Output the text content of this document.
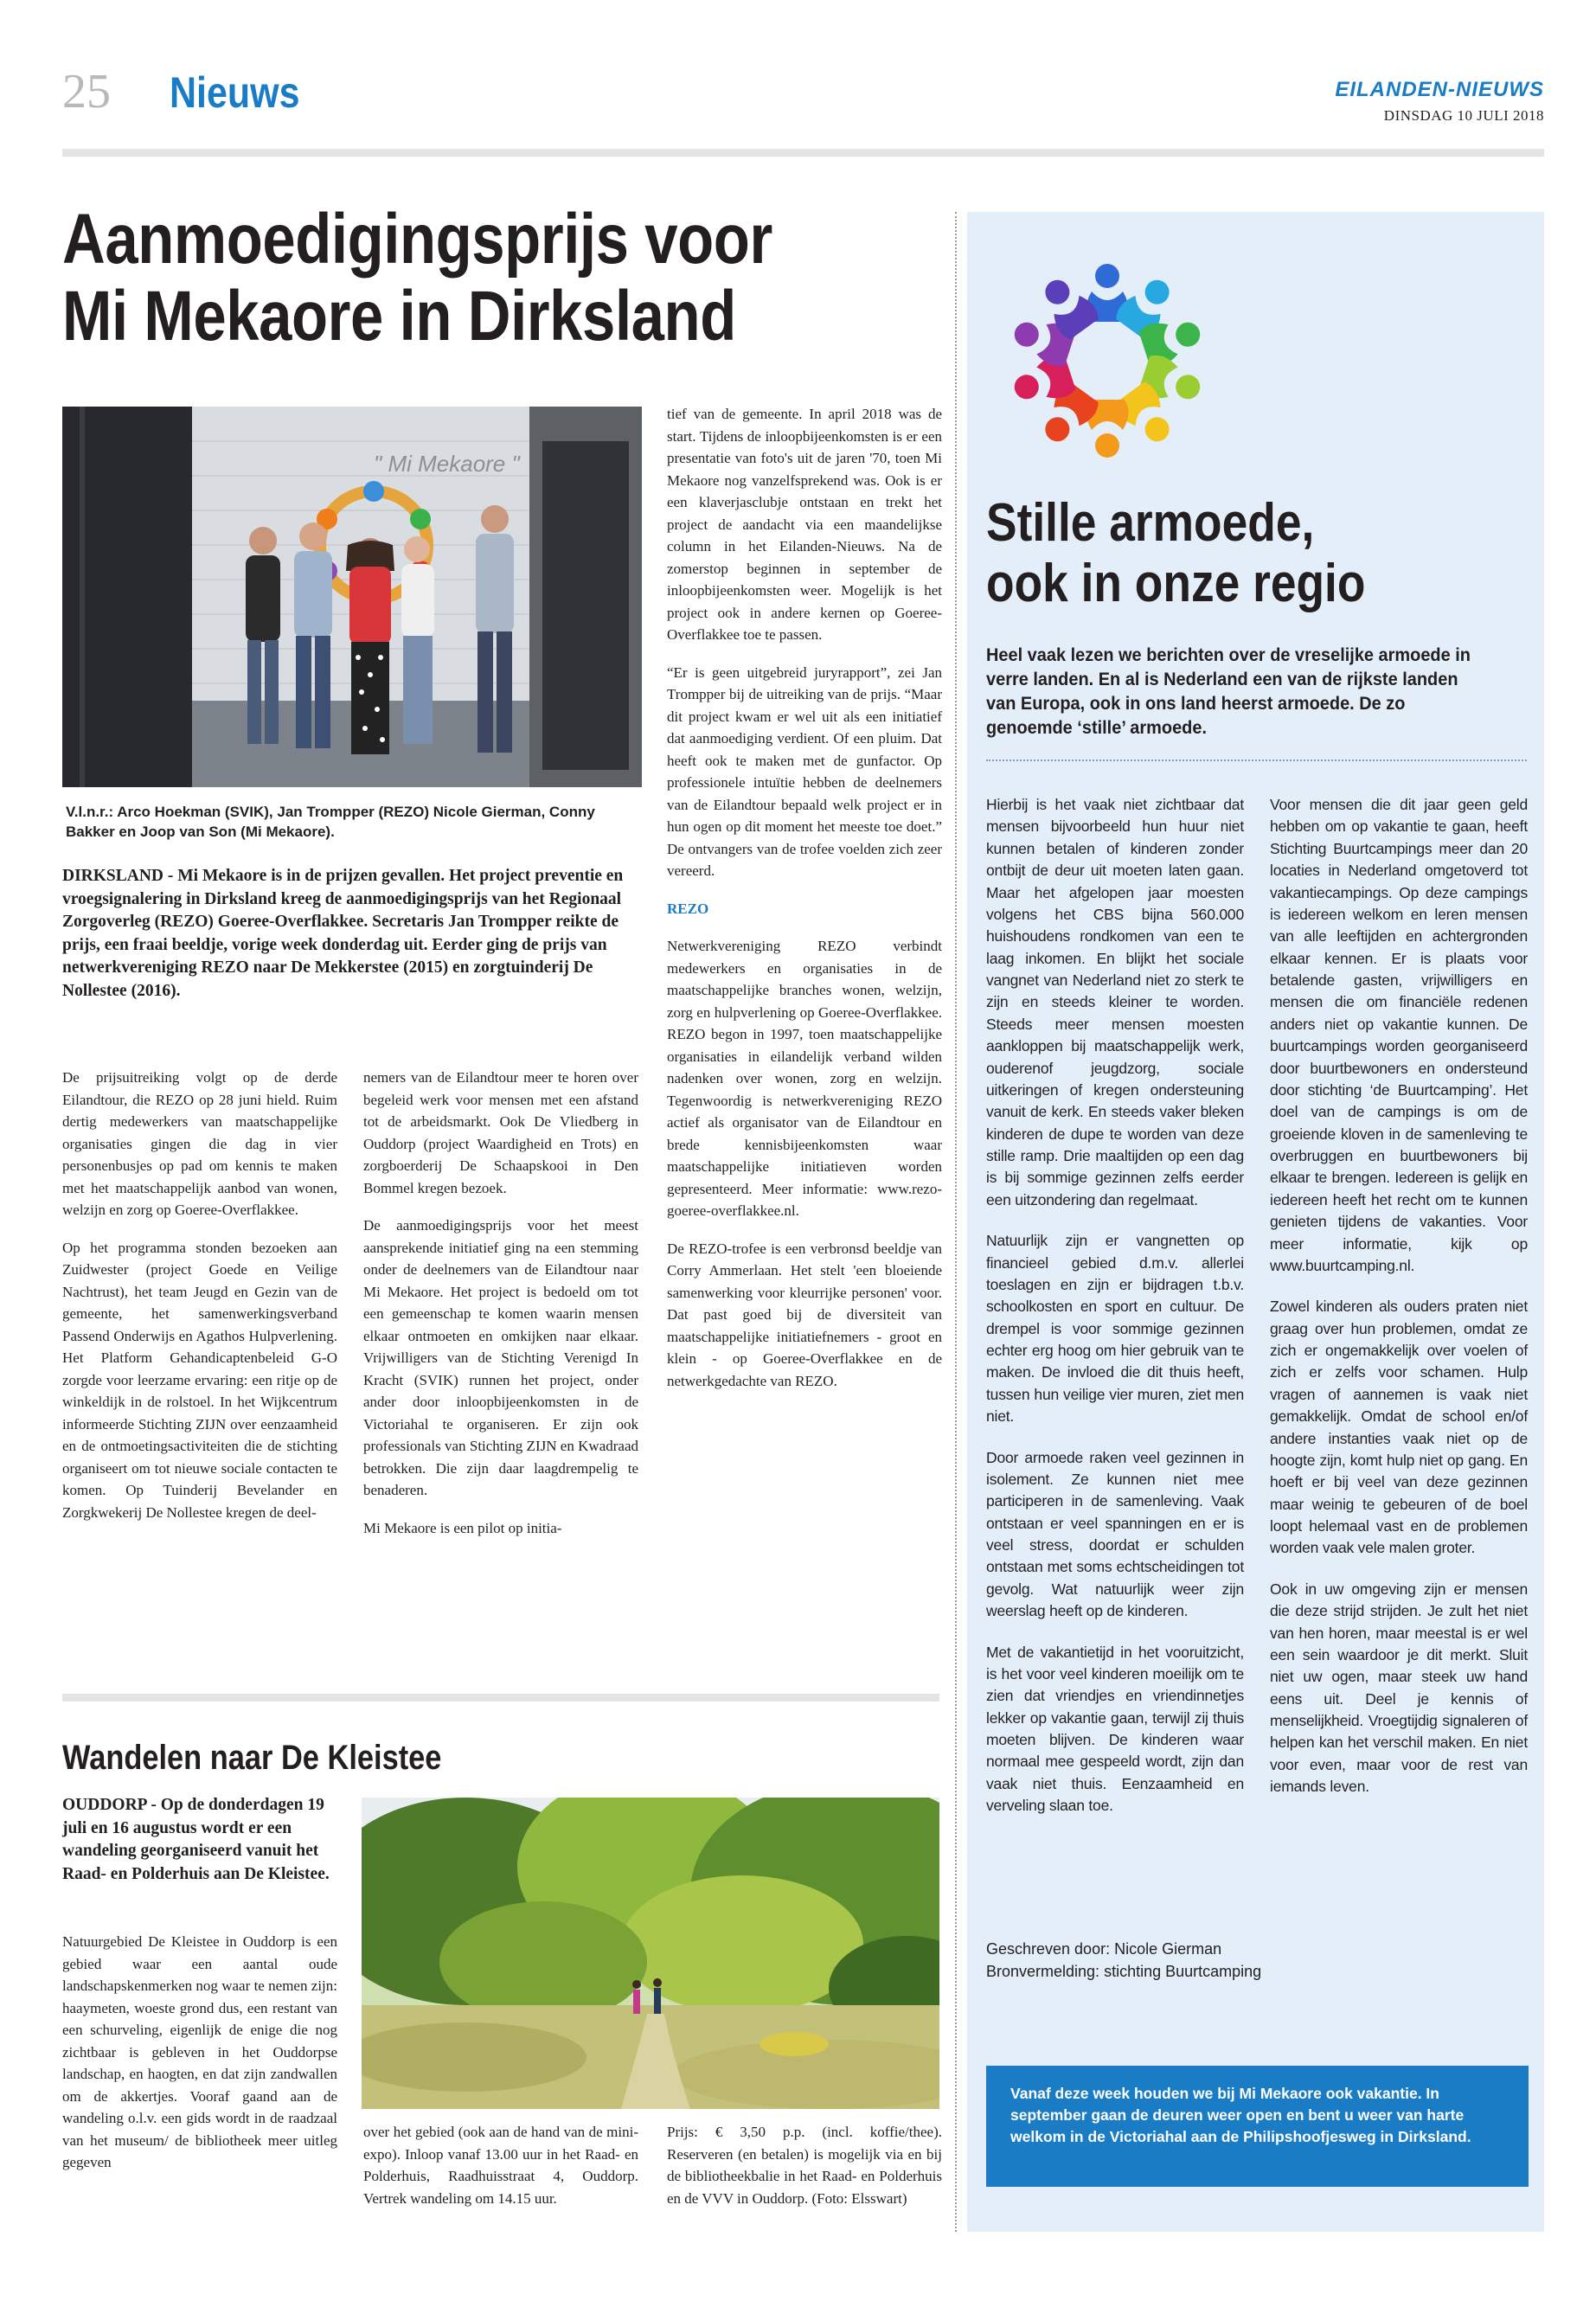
25 Nieuws	EILANDEN-NIEUWS
DINSDAG 10 JULI 2018
Aanmoedigingsprijs voor
Mi Mekaore in Dirksland
" Mi Mekaore "
V.l.n.r.: Arco Hoekman (SVIK), Jan Trompper (REZO) Nicole Gierman, Conny Bakker en Joop van Son (Mi Mekaore).
DIRKSLAND - Mi Mekaore is in de prijzen gevallen. Het project preventie en vroegsignalering in Dirksland kreeg de aanmoedigingsprijs van het Regionaal Zorgoverleg (REZO) Goeree-Overflakkee. Secretaris Jan Trompper reikte de prijs, een fraai beeldje, vorige week donderdag uit. Eerder ging de prijs van netwerkvereniging REZO naar De Mekkerstee (2015) en zorgtuinderij De Nollestee (2016).

De prijsuitreiking volgt op de derde Eilandtour, die REZO op 28 juni hield. Ruim dertig medewerkers van maatschappelijke organisaties gingen die dag in vier personenbusjes op pad om kennis te maken met het maatschappelijk aanbod van wonen, welzijn en zorg op Goeree-Overflakkee.

Op het programma stonden bezoeken aan Zuidwester (project Goede en Veilige Nachtrust), het team Jeugd en Gezin van de gemeente, het samenwerkingsverband Passend Onderwijs en Agathos Hulpverlening. Het Platform Gehandicaptenbeleid G-O zorgde voor leerzame ervaring: een ritje op de winkeldijk in de rolstoel. In het Wijkcentrum informeerde Stichting ZIJN over eenzaamheid en de ontmoetingsactiviteiten die de stichting organiseert om tot nieuwe sociale contacten te komen. Op Tuinderij Bevelander en Zorgkwekerij De Nollestee kregen de deel-

nemers van de Eilandtour meer te horen over begeleid werk voor mensen met een afstand tot de arbeidsmarkt. Ook De Vliedberg in Ouddorp (project Waardigheid en Trots) en zorgboerderij De Schaapskooi in Den Bommel kregen bezoek.

De aanmoedigingsprijs voor het meest aansprekende initiatief ging na een stemming onder de deelnemers van de Eilandtour naar Mi Mekaore. Het project is bedoeld om tot een gemeenschap te komen waarin mensen elkaar ontmoeten en omkijken naar elkaar. Vrijwilligers van de Stichting Verenigd In Kracht (SVIK) runnen het project, onder ander door inloopbijeenkomsten in de Victoriahal te organiseren. Er zijn ook professionals van Stichting ZIJN en Kwadraad betrokken. Die zijn daar laagdrempelig te benaderen.

Mi Mekaore is een pilot op initia-

tief van de gemeente. In april 2018 was de start. Tijdens de inloopbijeenkomsten is er een presentatie van foto's uit de jaren '70, toen Mi Mekaore nog vanzelfsprekend was. Ook is er een klaverjasclubje ontstaan en trekt het project de aandacht via een maandelijkse column in het Eilanden-Nieuws. Na de zomerstop beginnen in september de inloopbijeenkomsten weer. Mogelijk is het project ook in andere kernen op Goeree-Overflakkee toe te passen.

“Er is geen uitgebreid juryrapport”, zei Jan Trompper bij de uitreiking van de prijs. “Maar dit project kwam er wel uit als een initiatief dat aanmoediging verdient. Of een pluim. Dat heeft ook te maken met de gunfactor. Op professionele intuïtie hebben de deelnemers van de Eilandtour bepaald welk project er in hun ogen op dit moment het meeste toe doet.” De ontvangers van de trofee voelden zich zeer vereerd.

REZO

Netwerkvereniging REZO verbindt medewerkers en organisaties in de maatschappelijke branches wonen, welzijn, zorg en hulpverlening op Goeree-Overflakkee. REZO begon in 1997, toen maatschappelijke organisaties in eilandelijk verband wilden nadenken over wonen, zorg en welzijn. Tegenwoordig is netwerkvereniging REZO actief als organisator van de Eilandtour en brede kennisbijeenkomsten waar maatschappelijke initiatieven worden gepresenteerd. Meer informatie: www.rezo-goeree-overflakkee.nl.

De REZO-trofee is een verbronsd beeldje van Corry Ammerlaan. Het stelt 'een bloeiende samenwerking voor kleurrijke personen' voor. Dat past goed bij de diversiteit van maatschappelijke initiatiefnemers - groot en klein - op Goeree-Overflakkee en de netwerkgedachte van REZO.

Wandelen naar De Kleistee
OUDDORP - Op de donderdagen 19 juli en 16 augustus wordt er een wandeling georganiseerd vanuit het Raad- en Polderhuis aan De Kleistee.

Natuurgebied De Kleistee in Ouddorp is een gebied waar een aantal oude landschapskenmerken nog waar te nemen zijn: haaymeten, woeste grond dus, een restant van een schurveling, eigenlijk de enige die nog zichtbaar is gebleven in het Ouddorpse landschap, en haogten, en dat zijn zandwallen om de akkertjes. Vooraf gaand aan de wandeling o.l.v. een gids wordt in de raadzaal van het museum/ de bibliotheek meer uitleg gegeven

over het gebied (ook aan de hand van de mini-expo). Inloop vanaf 13.00 uur in het Raad- en Polderhuis, Raadhuisstraat 4, Ouddorp. Vertrek wandeling om 14.15 uur.

Prijs: € 3,50 p.p. (incl. koffie/thee). Reserveren (en betalen) is mogelijk via en bij de bibliotheekbalie in het Raad- en Polderhuis en de VVV in Ouddorp. (Foto: Elsswart)

Stille armoede,
ook in onze regio
Heel vaak lezen we berichten over de vreselijke armoede in verre landen. En al is Nederland een van de rijkste landen van Europa, ook in ons land heerst armoede. De zo genoemde ‘stille’ armoede.

Hierbij is het vaak niet zichtbaar dat mensen bijvoorbeeld hun huur niet kunnen betalen of kinderen zonder ontbijt de deur uit moeten laten gaan. Maar het afgelopen jaar moesten volgens het CBS bijna 560.000 huishoudens rondkomen van een te laag inkomen. En blijkt het sociale vangnet van Nederland niet zo sterk te zijn en steeds kleiner te worden. Steeds meer mensen moesten aankloppen bij maatschappelijk werk, ouderenof jeugdzorg, sociale uitkeringen of kregen ondersteuning vanuit de kerk. En steeds vaker bleken kinderen de dupe te worden van deze stille ramp. Drie maaltijden op een dag is bij sommige gezinnen zelfs eerder een uitzondering dan regelmaat.

Natuurlijk zijn er vangnetten op financieel gebied d.m.v. allerlei toeslagen en zijn er bijdragen t.b.v. schoolkosten en sport en cultuur. De drempel is voor sommige gezinnen echter erg hoog om hier gebruik van te maken. De invloed die dit thuis heeft, tussen hun veilige vier muren, ziet men niet.

Door armoede raken veel gezinnen in isolement. Ze kunnen niet mee participeren in de samenleving. Vaak ontstaan er veel spanningen en er is veel stress, doordat er schulden ontstaan met soms echtscheidingen tot gevolg. Wat natuurlijk weer zijn weerslag heeft op de kinderen.

Met de vakantietijd in het vooruitzicht, is het voor veel kinderen moeilijk om te zien dat vriendjes en vriendinnetjes lekker op vakantie gaan, terwijl zij thuis moeten blijven. De kinderen waar normaal mee gespeeld wordt, zijn dan vaak niet thuis. Eenzaamheid en verveling slaan toe.

Voor mensen die dit jaar geen geld hebben om op vakantie te gaan, heeft Stichting Buurtcampings meer dan 20 locaties in Nederland omgetoverd tot vakantiecampings. Op deze campings is iedereen welkom en leren mensen van alle leeftijden en achtergronden elkaar kennen. Er is plaats voor betalende gasten, vrijwilligers en mensen die om financiële redenen anders niet op vakantie kunnen. De buurtcampings worden georganiseerd door buurtbewoners en ondersteund door stichting ‘de Buurtcamping’. Het doel van de campings is om de groeiende kloven in de samenleving te overbruggen en buurtbewoners bij elkaar te brengen. Iedereen is gelijk en iedereen heeft het recht om te kunnen genieten tijdens de vakanties. Voor meer informatie, kijk op www.buurtcamping.nl.

Zowel kinderen als ouders praten niet graag over hun problemen, omdat ze zich er ongemakkelijk over voelen of zich er zelfs voor schamen. Hulp vragen of aannemen is vaak niet gemakkelijk. Omdat de school en/of andere instanties vaak niet op de hoogte zijn, komt hulp niet op gang. En hoeft er bij veel van deze gezinnen maar weinig te gebeuren of de boel loopt helemaal vast en de problemen worden vaak vele malen groter.

Ook in uw omgeving zijn er mensen die deze strijd strijden. Je zult het niet van hen horen, maar meestal is er wel een sein waardoor je dit merkt. Sluit niet uw ogen, maar steek uw hand eens uit. Deel je kennis of menselijkheid. Vroegtijdig signaleren of helpen kan het verschil maken. En niet voor even, maar voor de rest van iemands leven.

Geschreven door: Nicole Gierman
Bronvermelding: stichting Buurtcamping
Vanaf deze week houden we bij Mi Mekaore ook vakantie. In september gaan de deuren weer open en bent u weer van harte welkom in de Victoriahal aan de Philipshoofjesweg in Dirksland.
